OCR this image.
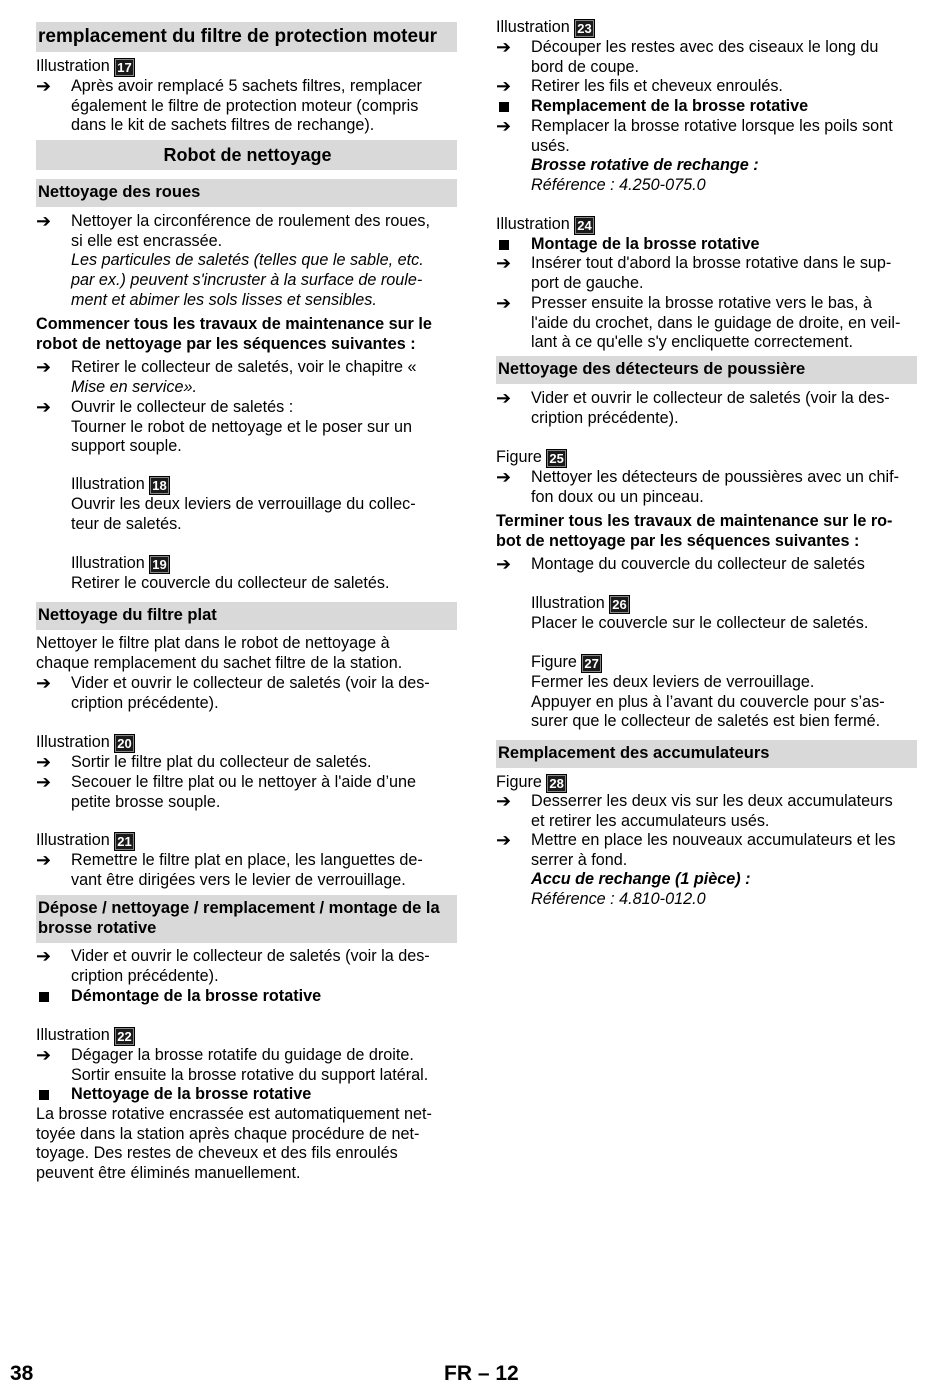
remplacement du filtre de protection moteur
Illustration 17
➔ Après avoir remplacé 5 sachets filtres, remplacer
également le filtre de protection moteur (compris
dans le kit de sachets filtres de rechange).
Robot de nettoyage
Nettoyage des roues
➔ Nettoyer la circonférence de roulement des roues,
si elle est encrassée.
Les particules de saletés (telles que le sable, etc.
par ex.) peuvent s'incruster à la surface de roule-
ment et abimer les sols lisses et sensibles.
Commencer tous les travaux de maintenance sur le
robot de nettoyage par les séquences suivantes :
➔ Retirer le collecteur de saletés, voir le chapitre «
Mise en service».
➔ Ouvrir le collecteur de saletés :
Tourner le robot de nettoyage et le poser sur un
support souple.
Illustration 18
Ouvrir les deux leviers de verrouillage du collec-
teur de saletés.
Illustration 19
Retirer le couvercle du collecteur de saletés.
Nettoyage du filtre plat
Nettoyer le filtre plat dans le robot de nettoyage à
chaque remplacement du sachet filtre de la station.
➔ Vider et ouvrir le collecteur de saletés (voir la des-
cription précédente).
Illustration 20
➔ Sortir le filtre plat du collecteur de saletés.
➔ Secouer le filtre plat ou le nettoyer à l'aide d’une
petite brosse souple.
Illustration 21
➔ Remettre le filtre plat en place, les languettes de-
vant être dirigées vers le levier de verrouillage.
Dépose / nettoyage / remplacement / montage de la
brosse rotative
➔ Vider et ouvrir le collecteur de saletés (voir la des-
cription précédente).
Démontage de la brosse rotative
Illustration 22
➔ Dégager la brosse rotatife du guidage de droite.
Sortir ensuite la brosse rotative du support latéral.
Nettoyage de la brosse rotative
La brosse rotative encrassée est automatiquement net-
toyée dans la station après chaque procédure de net-
toyage. Des restes de cheveux et des fils enroulés
peuvent être éliminés manuellement.
Illustration 23
➔ Découper les restes avec des ciseaux le long du
bord de coupe.
➔ Retirer les fils et cheveux enroulés.
Remplacement de la brosse rotative
➔ Remplacer la brosse rotative lorsque les poils sont
usés.
Brosse rotative de rechange :
Référence : 4.250-075.0
Illustration 24
Montage de la brosse rotative
➔ Insérer tout d'abord la brosse rotative dans le sup-
port de gauche.
➔ Presser ensuite la brosse rotative vers le bas, à
l'aide du crochet, dans le guidage de droite, en veil-
lant à ce qu'elle s'y encliquette correctement.
Nettoyage des détecteurs de poussière
➔ Vider et ouvrir le collecteur de saletés (voir la des-
cription précédente).
Figure 25
➔ Nettoyer les détecteurs de poussières avec un chif-
fon doux ou un pinceau.
Terminer tous les travaux de maintenance sur le ro-
bot de nettoyage par les séquences suivantes :
➔ Montage du couvercle du collecteur de saletés
Illustration 26
Placer le couvercle sur le collecteur de saletés.
Figure 27
Fermer les deux leviers de verrouillage.
Appuyer en plus à l’avant du couvercle pour s’as-
surer que le collecteur de saletés est bien fermé.
Remplacement des accumulateurs
Figure 28
➔ Desserrer les deux vis sur les deux accumulateurs
et retirer les accumulateurs usés.
➔ Mettre en place les nouveaux accumulateurs et les
serrer à fond.
Accu de rechange (1 pièce) :
Référence : 4.810-012.0
38	FR – 12
